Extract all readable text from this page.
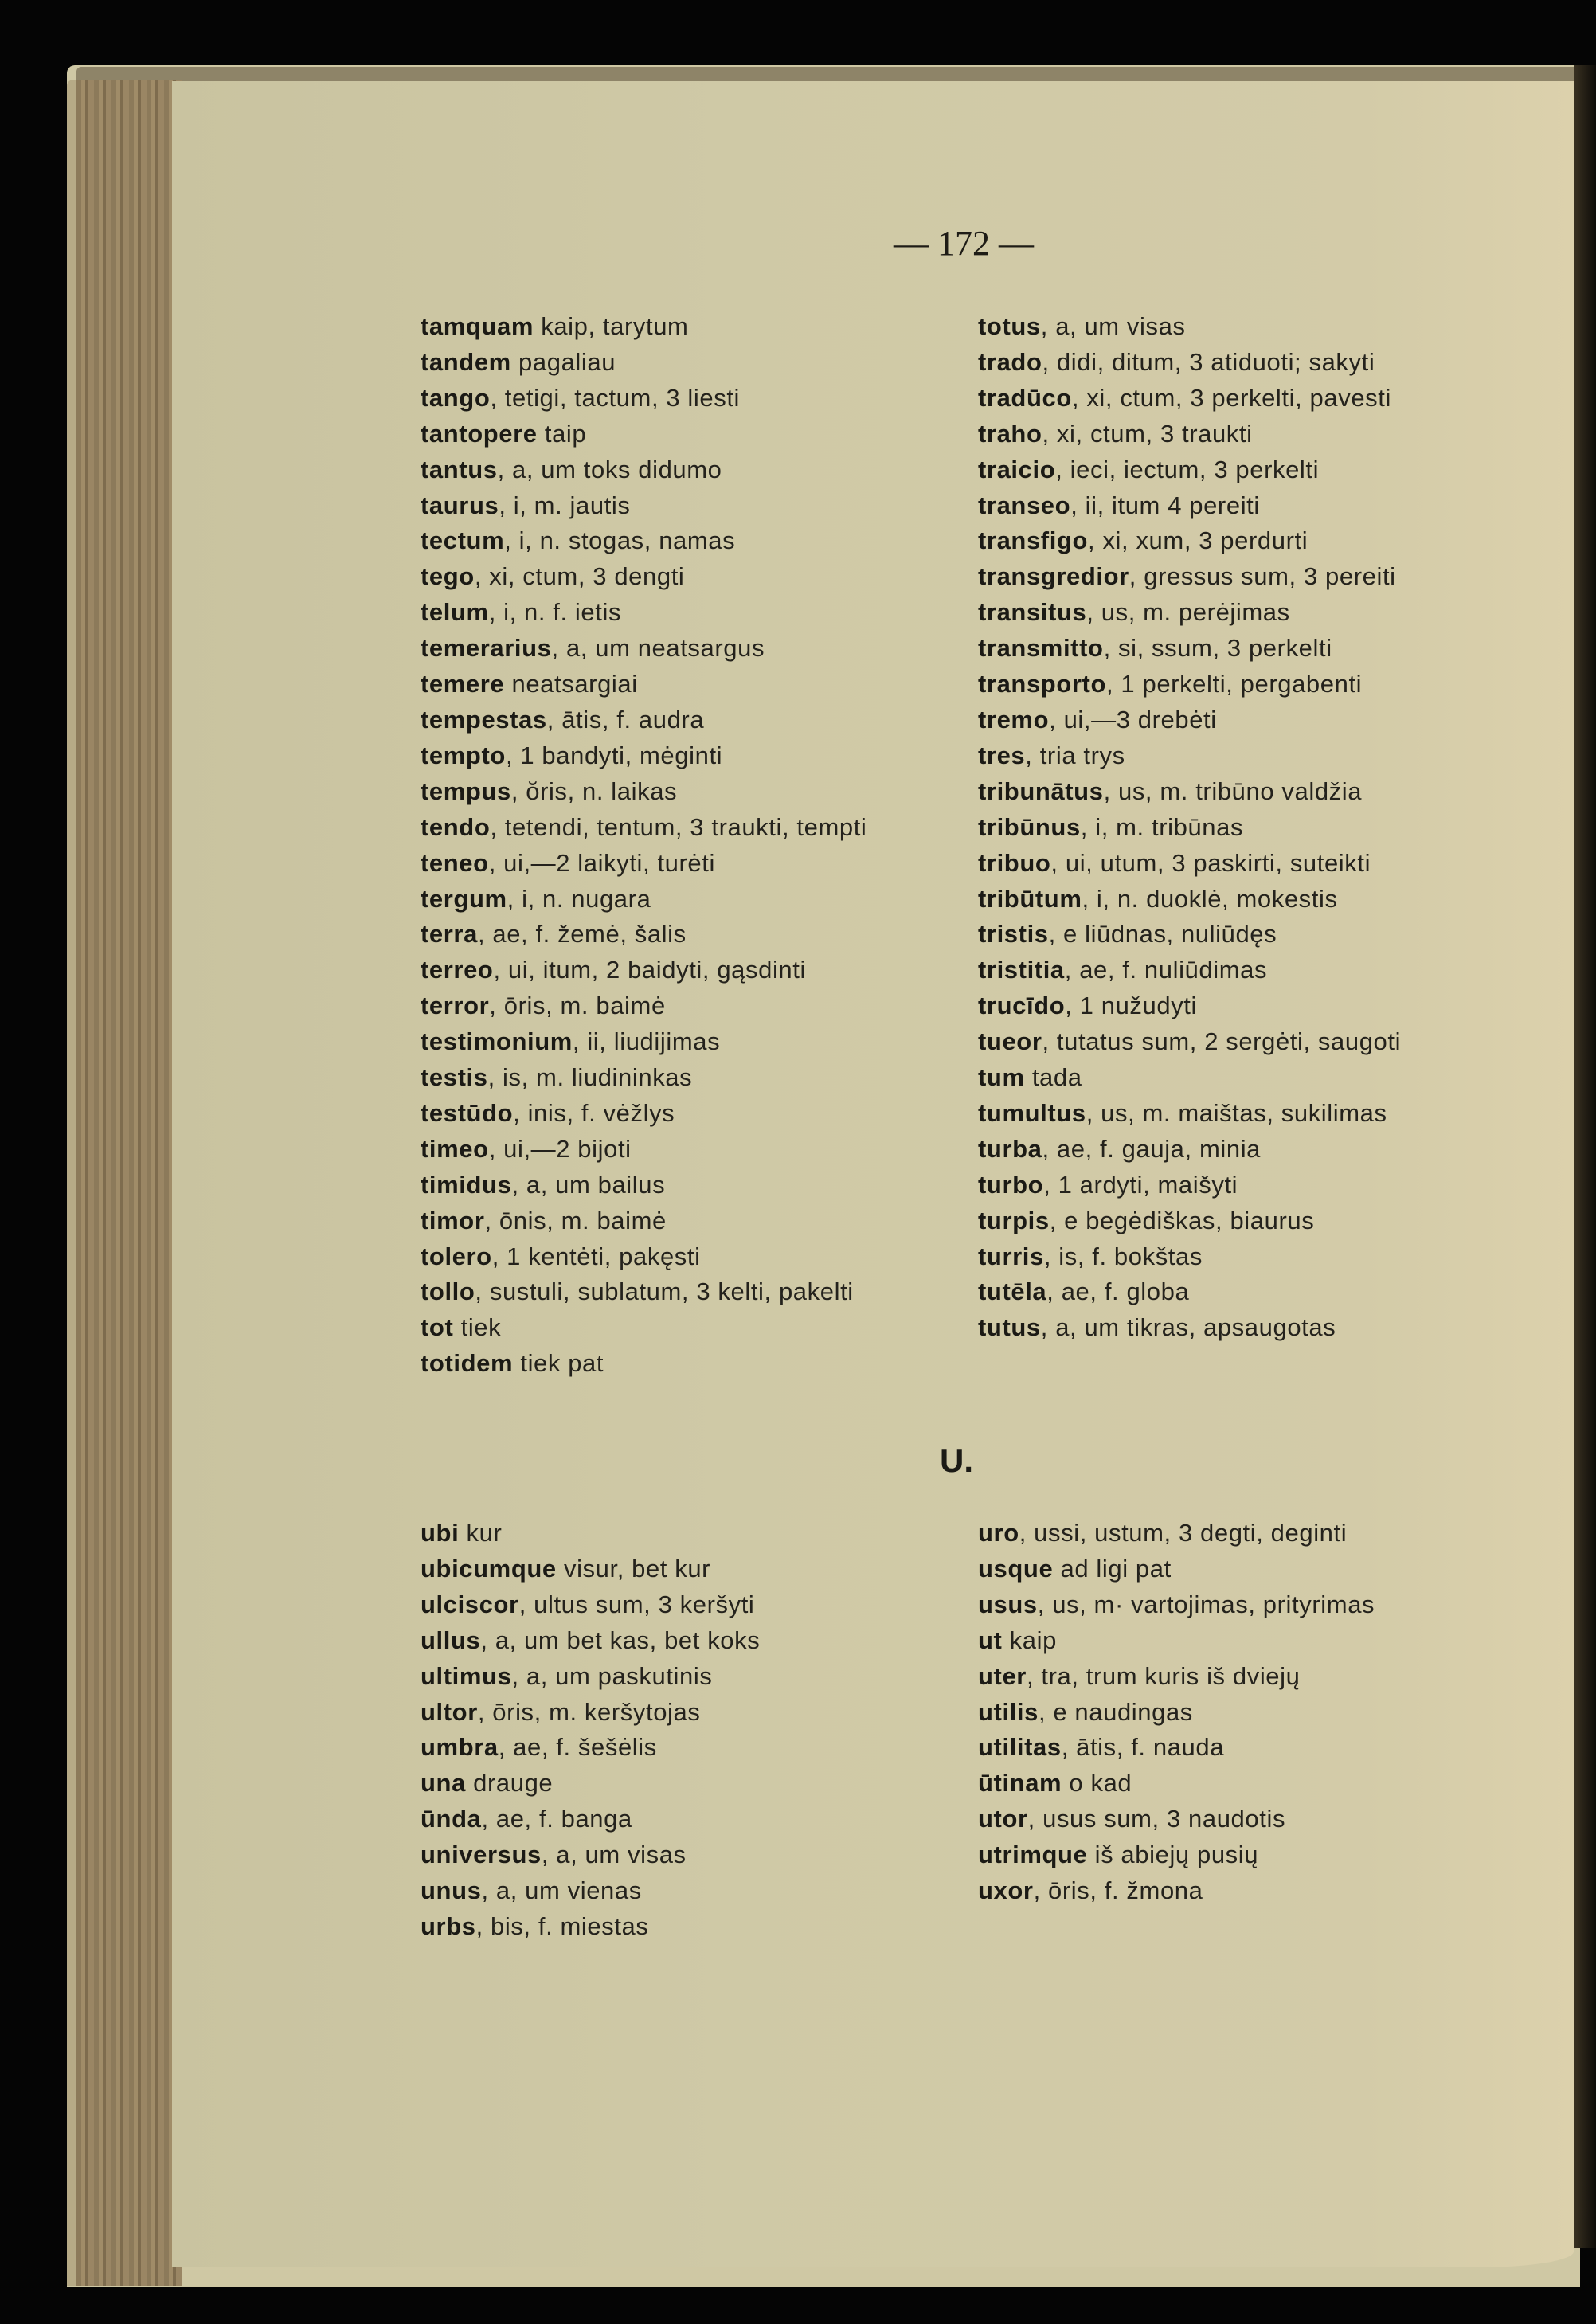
— 172 —
tamquam kaip, tarytum
tandem pagaliau
tango, tetigi, tactum, 3 liesti
tantopere taip
tantus, a, um toks didumo
taurus, i, m. jautis
tectum, i, n. stogas, namas
tego, xi, ctum, 3 dengti
telum, i, n. f. ietis
temerarius, a, um neatsargus
temere neatsargiai
tempestas, ātis, f. audra
tempto, 1 bandyti, mėginti
tempus, ŏris, n. laikas
tendo, tetendi, tentum, 3 traukti, tempti
teneo, ui,—2 laikyti, turėti
tergum, i, n. nugara
terra, ae, f. žemė, šalis
terreo, ui, itum, 2 baidyti, gąsdinti
terror, ōris, m. baimė
testimonium, ii, liudijimas
testis, is, m. liudininkas
testūdo, inis, f. vėžlys
timeo, ui,—2 bijoti
timidus, a, um bailus
timor, ōnis, m. baimė
tolero, 1 kentėti, pakęsti
tollo, sustuli, sublatum, 3 kelti, pakelti
tot tiek
totidem tiek pat
totus, a, um visas
trado, didi, ditum, 3 atiduoti; sakyti
tradūco, xi, ctum, 3 perkelti, pavesti
traho, xi, ctum, 3 traukti
traicio, ieci, iectum, 3 perkelti
transeo, ii, itum 4 pereiti
transfigo, xi, xum, 3 perdurti
transgredior, gressus sum, 3 pereiti
transitus, us, m. perėjimas
transmitto, si, ssum, 3 perkelti
transporto, 1 perkelti, pergabenti
tremo, ui,—3 drebėti
tres, tria trys
tribunātus, us, m. tribūno valdžia
tribūnus, i, m. tribūnas
tribuo, ui, utum, 3 paskirti, suteikti
tribūtum, i, n. duoklė, mokestis
tristis, e liūdnas, nuliūdęs
tristitia, ae, f. nuliūdimas
trucīdo, 1 nužudyti
tueor, tutatus sum, 2 sergėti, saugoti
tum tada
tumultus, us, m. maištas, sukilimas
turba, ae, f. gauja, minia
turbo, 1 ardyti, maišyti
turpis, e begėdiškas, biaurus
turris, is, f. bokštas
tutēla, ae, f. globa
tutus, a, um tikras, apsaugotas
U.
ubi kur
ubicumque visur, bet kur
ulciscor, ultus sum, 3 keršyti
ullus, a, um bet kas, bet koks
ultimus, a, um paskutinis
ultor, ōris, m. keršytojas
umbra, ae, f. šešėlis
una drauge
ūnda, ae, f. banga
universus, a, um visas
unus, a, um vienas
urbs, bis, f. miestas
uro, ussi, ustum, 3 degti, deginti
usque ad ligi pat
usus, us, m· vartojimas, prityrimas
ut kaip
uter, tra, trum kuris iš dviejų
utilis, e naudingas
utilitas, ātis, f. nauda
ūtinam o kad
utor, usus sum, 3 naudotis
utrimque iš abiejų pusių
uxor, ōris, f. žmona
